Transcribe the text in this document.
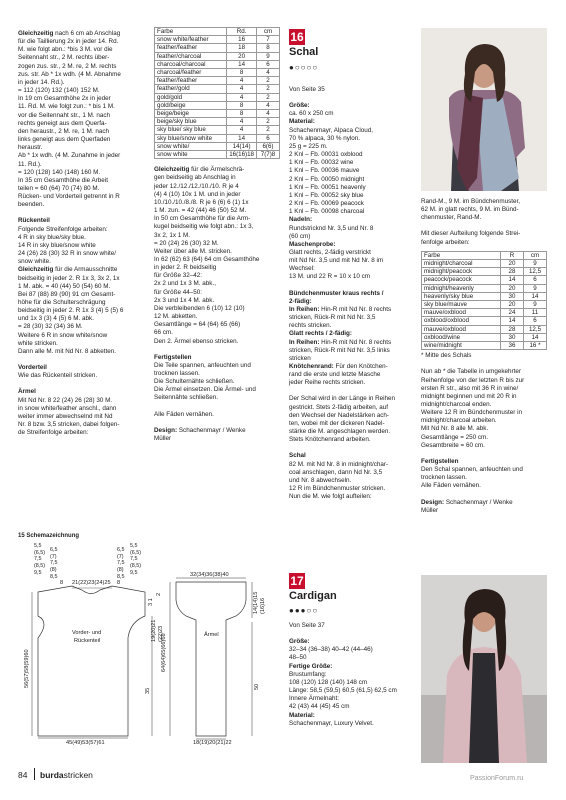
Gleichzeitig nach 6 cm ab Anschlag
für die Taillierung 2x in jeder 14. Rd.
M. wie folgt abn.: *bis 3 M. vor die
Seitennaht str., 2 M. rechts über-
zogen zus. str., 2 M. re, 2 M. rechts
zus. str. Ab * 1x wdh. (4 M. Abnahme
in jeder 14. Rd.).
= 112 (120) 132 (140) 152 M.
In 19 cm Gesamthöhe 2x in jeder
11. Rd. M. wie folgt zun.: * bis 1 M.
vor die Seitennaht str., 1 M. nach
rechts geneigt aus dem Querfa-
den heraustr., 2 M. re, 1 M. nach
links geneigt aus dem Querfaden
heraustr.
Ab * 1x wdh. (4 M. Zunahme in jeder
11. Rd.).
= 120 (128) 140 (148) 160 M.
In 35 cm Gesamthöhe die Arbeit
teilen = 60 (64) 70 (74) 80 M.
Rücken- und Vorderteil getrennt in R
beenden.
Rückenteil
Folgende Streifenfolge arbeiten:
4 R in sky blue/sky blue.
14 R in sky blue/snow white
24 (26) 28 (30) 32 R in snow white/
snow white.
Gleichzeitig für die Armausschnitte
beidseitig in jeder 2. R 1x 3, 3x 2, 1x
1 M. abk. = 40 (44) 50 (54) 60 M.
Bei 87 (88) 89 (90) 91 cm Gesamt-
höhe für die Schulterschrägung
beidseitig in jeder 2. R 1x 3 (4) 5 (5) 6
und 1x 3 (3) 4 (5) 6 M. abk.
= 28 (30) 32 (34) 36 M.
Weitere 6 R in snow white/snow
white stricken.
Dann alle M. mit Nd Nr. 8 abketten.
Vorderteil
Wie das Rückenteil stricken.
Ärmel
Mit Nd Nr. 8 22 (24) 26 (28) 30 M.
in snow white/feather anschl., dann
weiter immer abwechselnd mit Nd
Nr. 8 bzw. 3,5 stricken, dabei folgen-
de Streifenfolge arbeiten:
Farbe	Rd.	cm
snow white/feather	16	7
feather/feather	18	8
feather/charcoal	20	9
charcoal/charcoal	14	6
charcoal/feather	8	4
feather/feather	4	2
feather/gold	4	2
gold/gold	4	2
gold/beige	8	4
beige/beige	8	4
beige/sky blue	4	2
sky blue/ sky blue	4	2
sky blue/snow white	14	6
snow white/	14(14)	6(6)
snow white	16(16)18	7(7)8
Gleichzeitig für die Ärmelschrä-
gen beidseitig ab Anschlag in
jeder 12./12./12./10./10. R je 4
(4) 4 (10) 10x 1 M. und in jeder
10./10./10./8./8. R je 6 (6) 6 (1) 1x
1 M. zun. = 42 (44) 46 (50) 52 M.
In 50 cm Gesamthöhe für die Arm-
kugel beidseitig wie folgt abn.: 1x 3,
3x 2, 1x 1 M.
= 20 (24) 26 (30) 32 M.
Weiter über alle M. stricken.
In 62 (62) 63 (64) 64 cm Gesamthöhe
in jeder 2. R beidseitig
für Größe 32–42:
2x 2 und 1x 3 M. abk.,
für Größe 44–50:
2x 3 und 1x 4 M. abk.
Die verbleibenden 6 (10) 12 (10)
12 M. abketten.
Gesamtlänge = 64 (64) 65 (66)
66 cm.
Den 2. Ärmel ebenso stricken.
Fertigstellen
Die Teile spannen, anfeuchten und
trocknen lassen.
Die Schulternähte schließen.
Die Ärmel einsetzen. Die Ärmel- und
Seitennähte schließen.
Alle Fäden vernähen.
Design: Schachenmayr / Wenke
Müller
16
Schal
●○○○○
Von Seite 35
Größe:
ca. 60 x 250 cm
Material:
Schachenmayr, Alpaca Cloud,
70 % alpaca, 30 % nylon.
25 g = 225 m.
2 Knl – Fb. 00031 oxblood
1 Knl – Fb. 00032 wine
1 Knl – Fb. 00036 mauve
2 Knl – Fb. 00050 midnight
1 Knl – Fb. 00051 heavenly
1 Knl – Fb. 00052 sky blue
2 Knl – Fb. 00069 peacock
1 Knl – Fb. 00098 charcoal
Nadeln:
Rundstricknd Nr. 3,5 und Nr. 8
(60 cm)
Maschenprobe:
Glatt rechts, 2-fädig verstrickt
mit Nd Nr. 3,5 und mit Nd Nr. 8 im
Wechsel:
13 M. und 22 R = 10 x 10 cm
Bündchenmuster kraus rechts /
2-fädig:
In Reihen: Hin-R mit Nd Nr. 8 rechts
stricken, Rück-R mit Nd Nr. 3,5
rechts stricken.
Glatt rechts / 2-fädig:
In Reihen: Hin-R mit Nd Nr. 8 rechts
stricken, Rück-R mit Nd Nr. 3,5 links
stricken
Knötchenrand: Für den Knötchen-
rand die erste und letzte Masche
jeder Reihe rechts stricken.
Der Schal wird in der Länge in Reihen
gestrickt. Stets 2-fädig arbeiten, auf
den Wechsel der Nadelstärken ach-
ten, wobei mit der dickeren Nadel-
stärke die M. angeschlagen werden.
Stets Knötchenrand arbeiten.
Schal
82 M. mit Nd Nr. 8 in midnight/char-
coal anschlagen, dann Nd Nr. 3,5
und Nr. 8 abwechseln.
12 R im Bündchenmuster stricken.
Nun die M. wie folgt aufteilen:
Rand-M., 9 M. im Bündchenmuster,
62 M. in glatt rechts, 9 M. im Bünd-
chenmuster, Rand-M.
Mit dieser Aufteilung folgende Strei-
fenfolge arbeiten:
Farbe	R	cm
midnight/charcoal	20	9
midnight/peacock	28	12,5
peacock/peacock	14	6
midnight/heavenly	20	9
heavenly/sky blue	30	14
sky blue/mauve	20	9
mauve/oxblood	24	11
oxblood/oxblood	14	6
mauve/oxblood	28	12,5
oxblood/wine	30	14
wine/midnight	36	16 *
* Mitte des Schals
Nun ab * die Tabelle in umgekehrter
Reihenfolge von der letzten R bis zur
ersten R str., also mit 36 R in wine/
midnight beginnen und mit 20 R in
midnight/charcoal enden.
Weitere 12 R im Bündchenmuster in
midnight/charcoal arbeiten.
Mit Nd Nr. 8 alle M. abk.
Gesamtlänge = 250 cm.
Gesamtbreite = 60 cm.
Fertigstellen
Den Schal spannen, anfeuchten und
trocknen lassen.
Alle Fäden vernähen.
Design: Schachenmayr / Wenke
Müller
17
Cardigan
●●●○○
Von Seite 37
Größe:
32–34 (36–38) 40–42 (44–46)
48–50
Fertige Größe:
Brustumfang:
108 (120) 128 (140) 148 cm
Länge: 58,5 (59,5) 60,5 (61,5) 62,5 cm
Innere Ärmelnaht:
42 (43) 44 (45) 45 cm
Material:
Schachenmayr, Luxury Velvet.
15 Schemazeichnung
5,5
(6,5)
7,5
(8,5)
9,5
6,5
(7)
7,5
(8)
8,5
8 21(22)23(24)25 8
6,5
(7)
7,5
(8)
8,5
5,5
(6,5)
7,5
(8,5)
9,5
Vorder- und
Rückenteil
45(49)53(57)61
56(57)58(59)60
3 1
2
19(20)21
(22)23
35
32(34)36(38)40
Ärmel
18(19)20(21)22
64(64)65(66)66
14(14)15
(16)16
50
84 burdastricken	PassionForum.ru
